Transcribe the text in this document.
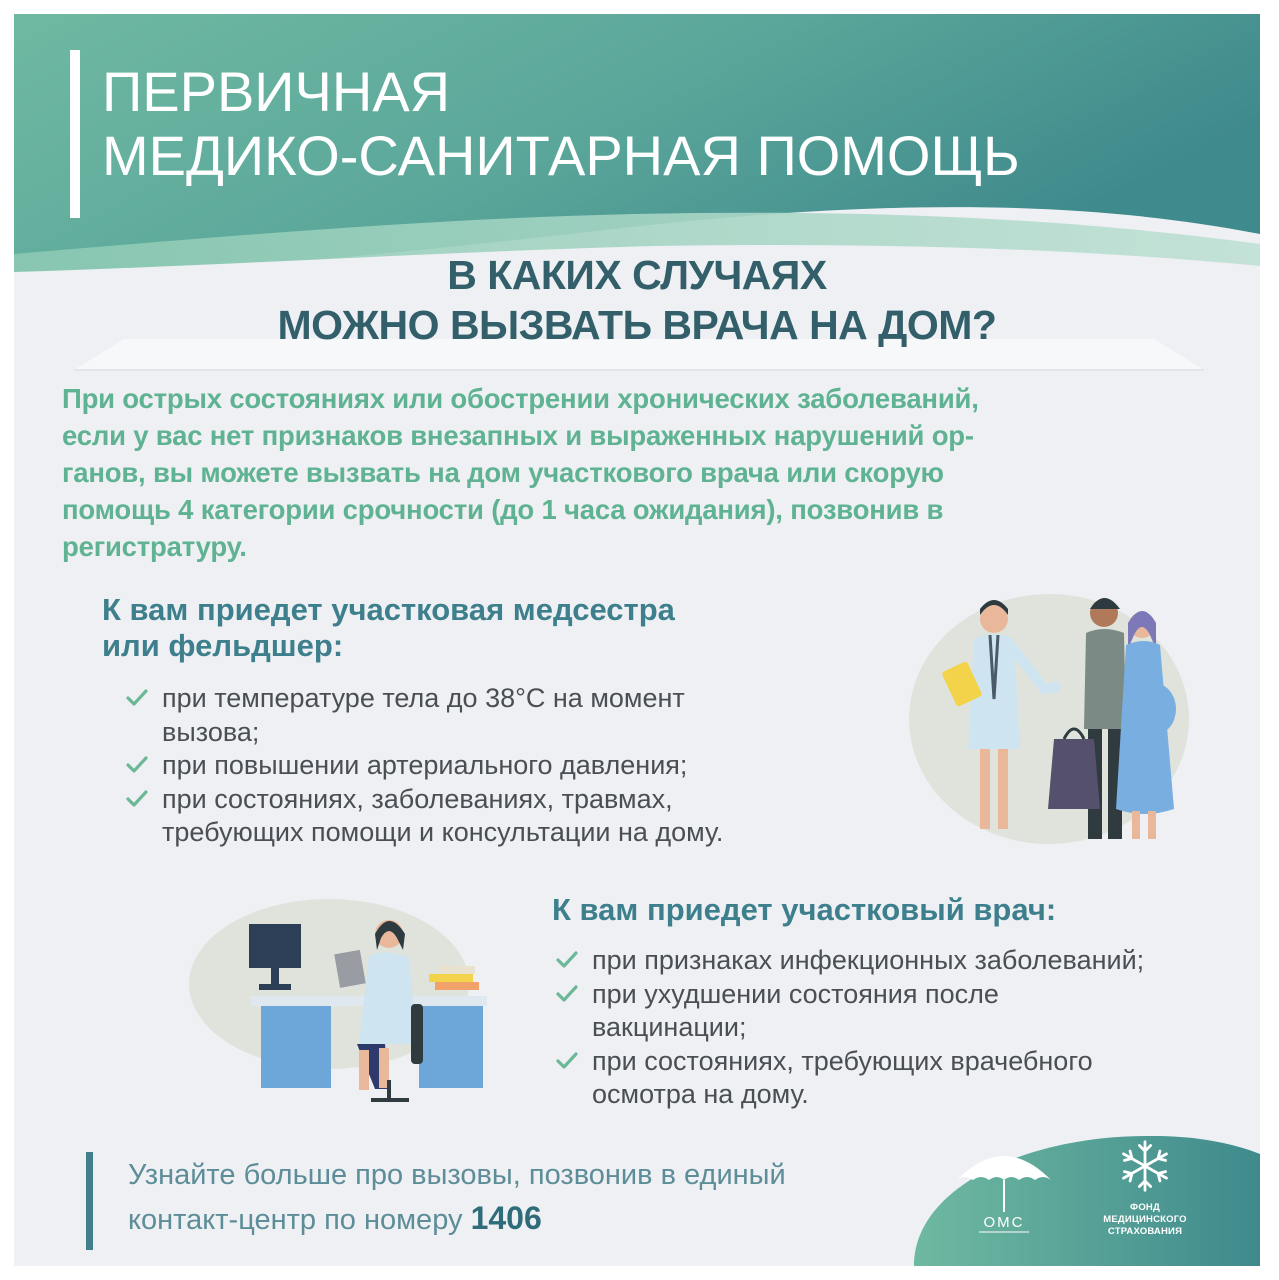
ПЕРВИЧНАЯ
МЕДИКО-САНИТАРНАЯ ПОМОЩЬ
В КАКИХ СЛУЧАЯХ
МОЖНО ВЫЗВАТЬ ВРАЧА НА ДОМ?
При острых состояниях или обострении хронических заболеваний,
если у вас нет признаков внезапных и выраженных нарушений ор-
ганов, вы можете вызвать на дом участкового врача или скорую
помощь 4 категории срочности (до 1 часа ожидания), позвонив в
регистратуру.
К вам приедет участковая медсестра
или фельдшер:
при температуре тела до 38°С на момент
вызова;
при повышении артериального давления;
при состояниях, заболеваниях, травмах,
требующих помощи и консультации на дому.
К вам приедет участковый врач:
при признаках инфекционных заболеваний;
при ухудшении состояния после
вакцинации;
при состояниях, требующих врачебного
осмотра на дому.
Узнайте больше про вызовы, позвонив в единый
контакт-центр по номеру 1406	ОМС
ФОНД
МЕДИЦИНСКОГО
СТРАХОВАНИЯ
